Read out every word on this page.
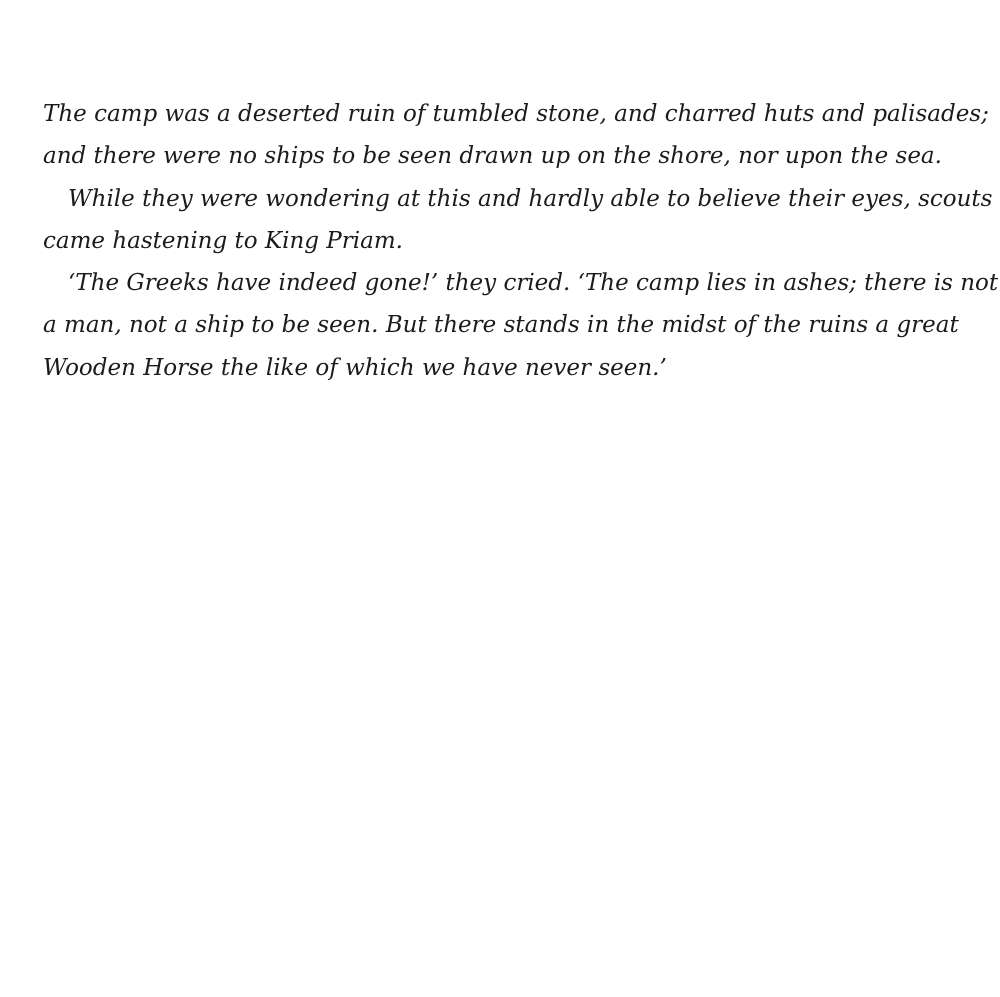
The camp was a deserted ruin of tumbled stone, and charred huts and palisades;
and there were no ships to be seen drawn up on the shore, nor upon the sea.
While they were wondering at this and hardly able to believe their eyes, scouts
came hastening to King Priam.
‘The Greeks have indeed gone!’ they cried. ‘The camp lies in ashes; there is not
a man, not a ship to be seen. But there stands in the midst of the ruins a great
Wooden Horse the like of which we have never seen.’
